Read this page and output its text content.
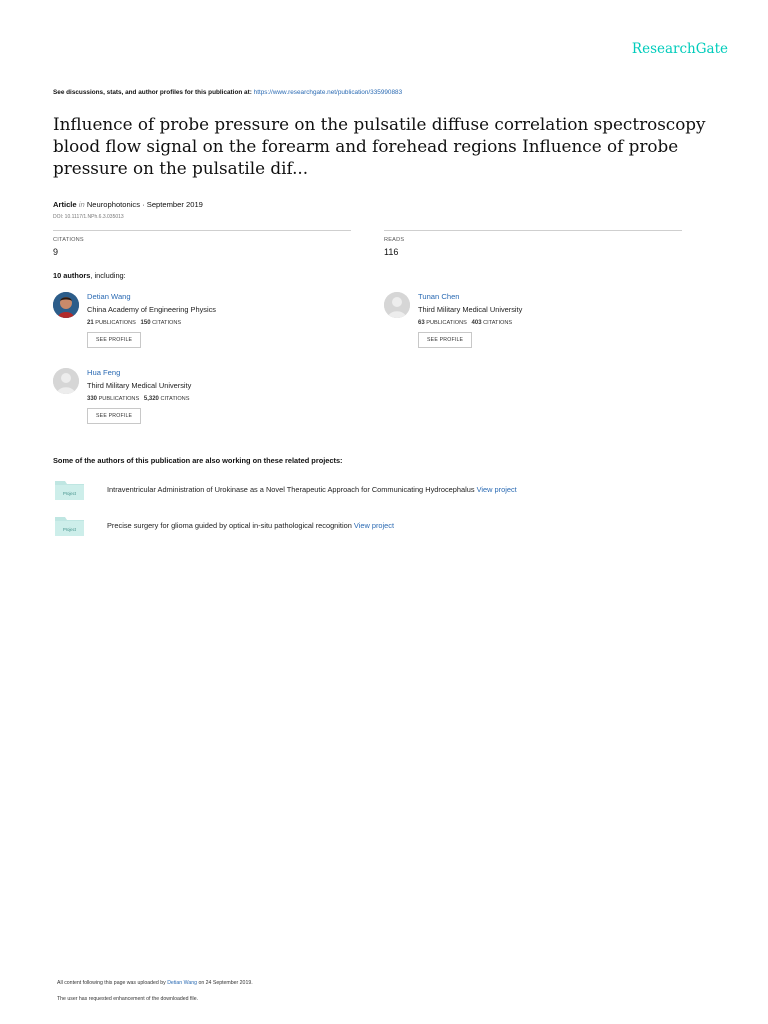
ResearchGate
See discussions, stats, and author profiles for this publication at: https://www.researchgate.net/publication/335990883
Influence of probe pressure on the pulsatile diffuse correlation spectroscopy blood flow signal on the forearm and forehead regions Influence of probe pressure on the pulsatile dif...
Article in Neurophotonics · September 2019
DOI: 10.1117/1.NPh.6.3.035013
CITATIONS
9
READS
116
10 authors, including:
Detian Wang
China Academy of Engineering Physics
21 PUBLICATIONS 150 CITATIONS
SEE PROFILE
Tunan Chen
Third Military Medical University
63 PUBLICATIONS 403 CITATIONS
SEE PROFILE
Hua Feng
Third Military Medical University
330 PUBLICATIONS 5,320 CITATIONS
SEE PROFILE
Some of the authors of this publication are also working on these related projects:
Project	Intraventricular Administration of Urokinase as a Novel Therapeutic Approach for Communicating Hydrocephalus View project
Project	Precise surgery for glioma guided by optical in-situ pathological recognition View project
All content following this page was uploaded by Detian Wang on 24 September 2019.
The user has requested enhancement of the downloaded file.
